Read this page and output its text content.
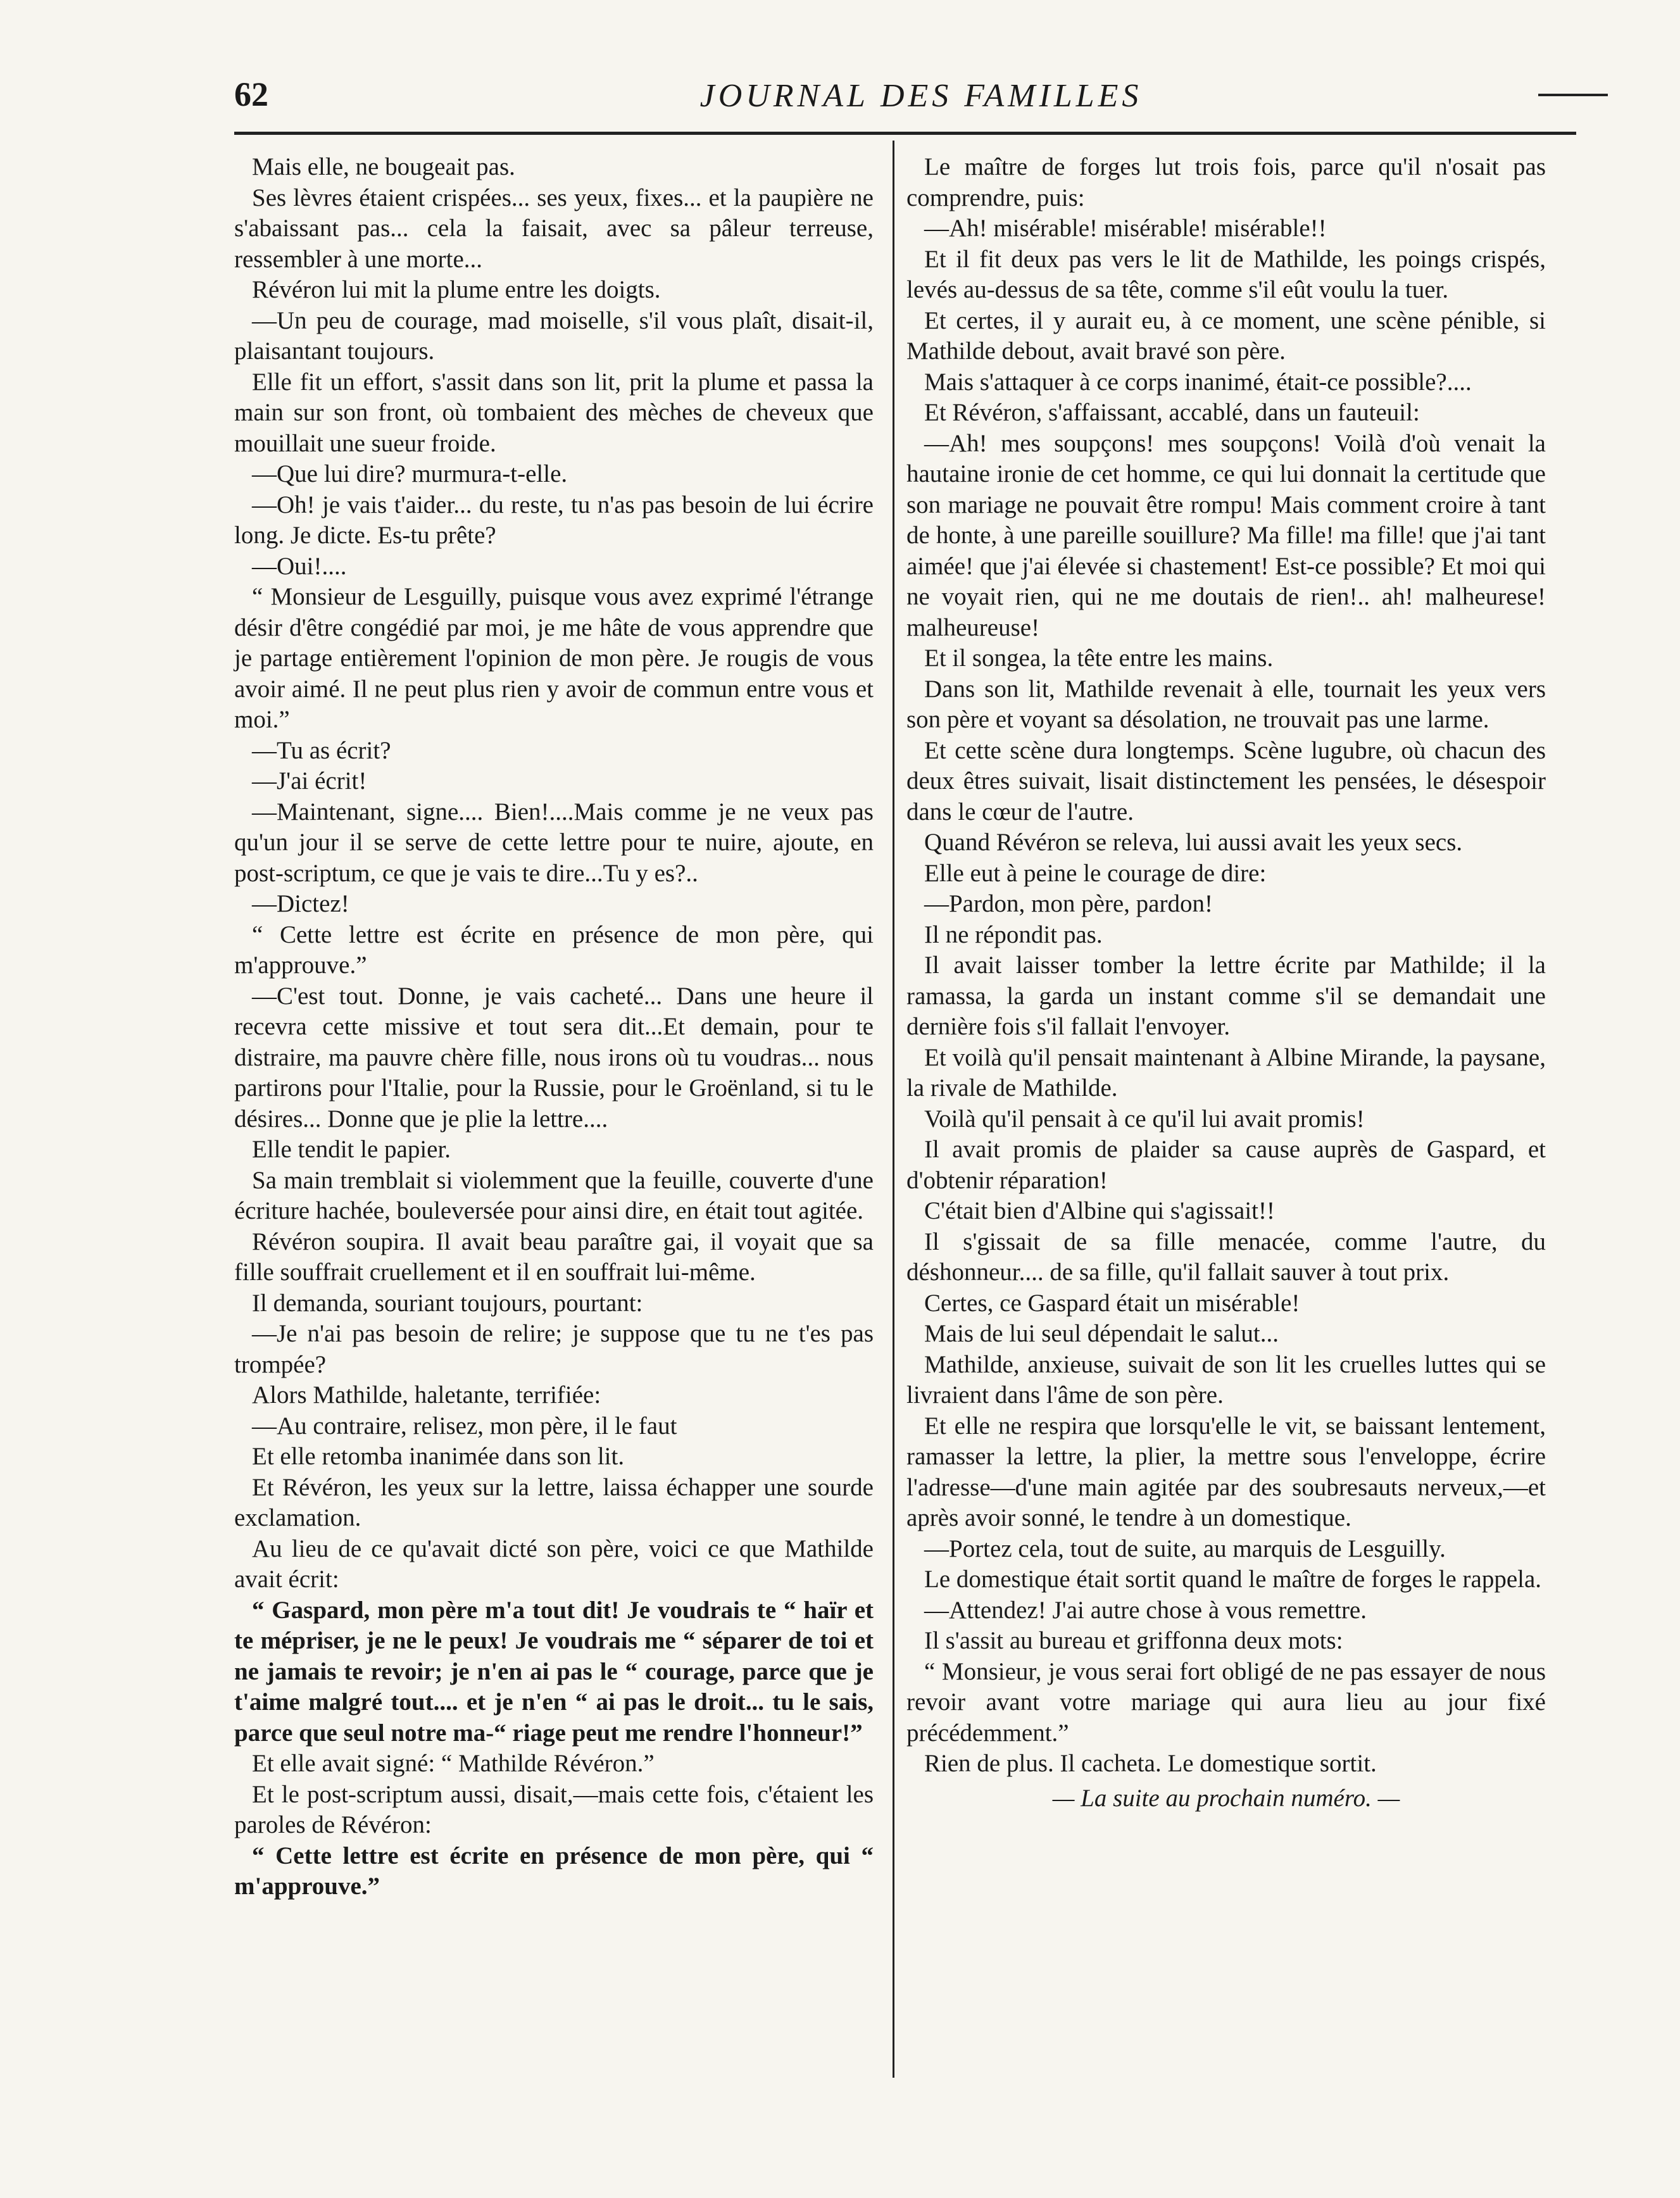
62	JOURNAL DES FAMILLES

Mais elle, ne bougeait pas.

Ses lèvres étaient crispées... ses yeux, fixes... et la paupière ne s'abaissant pas... cela la faisait, avec sa pâleur terreuse, ressembler à une morte...

Révéron lui mit la plume entre les doigts.

—Un peu de courage, mad moiselle, s'il vous plaît, disait-il, plaisantant toujours.

Elle fit un effort, s'assit dans son lit, prit la plume et passa la main sur son front, où tombaient des mèches de cheveux que mouillait une sueur froide.

—Que lui dire? murmura-t-elle.

—Oh! je vais t'aider... du reste, tu n'as pas besoin de lui écrire long. Je dicte. Es-tu prête?

—Oui!....

“ Monsieur de Lesguilly, puisque vous avez exprimé l'étrange désir d'être congédié par moi, je me hâte de vous apprendre que je partage entièrement l'opinion de mon père. Je rougis de vous avoir aimé. Il ne peut plus rien y avoir de commun entre vous et moi.”

—Tu as écrit?

—J'ai écrit!

—Maintenant, signe.... Bien!....Mais comme je ne veux pas qu'un jour il se serve de cette lettre pour te nuire, ajoute, en post-scriptum, ce que je vais te dire...Tu y es?..

—Dictez!

“ Cette lettre est écrite en présence de mon père, qui m'approuve.”

—C'est tout. Donne, je vais cacheté... Dans une heure il recevra cette missive et tout sera dit...Et demain, pour te distraire, ma pauvre chère fille, nous irons où tu voudras... nous partirons pour l'Italie, pour la Russie, pour le Groënland, si tu le désires... Donne que je plie la lettre....

Elle tendit le papier.

Sa main tremblait si violemment que la feuille, couverte d'une écriture hachée, bouleversée pour ainsi dire, en était tout agitée.

Révéron soupira. Il avait beau paraître gai, il voyait que sa fille souffrait cruellement et il en souffrait lui-même.

Il demanda, souriant toujours, pourtant:

—Je n'ai pas besoin de relire; je suppose que tu ne t'es pas trompée?

Alors Mathilde, haletante, terrifiée:

—Au contraire, relisez, mon père, il le faut

Et elle retomba inanimée dans son lit.

Et Révéron, les yeux sur la lettre, laissa échapper une sourde exclamation.

Au lieu de ce qu'avait dicté son père, voici ce que Mathilde avait écrit:

“ Gaspard, mon père m'a tout dit! Je voudrais te “ haïr et te mépriser, je ne le peux! Je voudrais me “ séparer de toi et ne jamais te revoir; je n'en ai pas le “ courage, parce que je t'aime malgré tout.... et je n'en “ ai pas le droit... tu le sais, parce que seul notre ma-“ riage peut me rendre l'honneur!”

Et elle avait signé: “ Mathilde Révéron.”

Et le post-scriptum aussi, disait,—mais cette fois, c'étaient les paroles de Révéron:

“ Cette lettre est écrite en présence de mon père, qui “ m'approuve.”

Le maître de forges lut trois fois, parce qu'il n'osait pas comprendre, puis:

—Ah! misérable! misérable! misérable!!

Et il fit deux pas vers le lit de Mathilde, les poings crispés, levés au-dessus de sa tête, comme s'il eût voulu la tuer.

Et certes, il y aurait eu, à ce moment, une scène pénible, si Mathilde debout, avait bravé son père.

Mais s'attaquer à ce corps inanimé, était-ce possible?....

Et Révéron, s'affaissant, accablé, dans un fauteuil:

—Ah! mes soupçons! mes soupçons! Voilà d'où venait la hautaine ironie de cet homme, ce qui lui donnait la certitude que son mariage ne pouvait être rompu! Mais comment croire à tant de honte, à une pareille souillure? Ma fille! ma fille! que j'ai tant aimée! que j'ai élevée si chastement! Est-ce possible? Et moi qui ne voyait rien, qui ne me doutais de rien!.. ah! malheurese! malheureuse!

Et il songea, la tête entre les mains.

Dans son lit, Mathilde revenait à elle, tournait les yeux vers son père et voyant sa désolation, ne trouvait pas une larme.

Et cette scène dura longtemps. Scène lugubre, où chacun des deux êtres suivait, lisait distinctement les pensées, le désespoir dans le cœur de l'autre.

Quand Révéron se releva, lui aussi avait les yeux secs.

Elle eut à peine le courage de dire:

—Pardon, mon père, pardon!

Il ne répondit pas.

Il avait laisser tomber la lettre écrite par Mathilde; il la ramassa, la garda un instant comme s'il se demandait une dernière fois s'il fallait l'envoyer.

Et voilà qu'il pensait maintenant à Albine Mirande, la paysane, la rivale de Mathilde.

Voilà qu'il pensait à ce qu'il lui avait promis!

Il avait promis de plaider sa cause auprès de Gaspard, et d'obtenir réparation!

C'était bien d'Albine qui s'agissait!!

Il s'gissait de sa fille menacée, comme l'autre, du déshonneur.... de sa fille, qu'il fallait sauver à tout prix.

Certes, ce Gaspard était un misérable!

Mais de lui seul dépendait le salut...

Mathilde, anxieuse, suivait de son lit les cruelles luttes qui se livraient dans l'âme de son père.

Et elle ne respira que lorsqu'elle le vit, se baissant lentement, ramasser la lettre, la plier, la mettre sous l'enveloppe, écrire l'adresse—d'une main agitée par des soubresauts nerveux,—et après avoir sonné, le tendre à un domestique.

—Portez cela, tout de suite, au marquis de Lesguilly.

Le domestique était sortit quand le maître de forges le rappela.

—Attendez! J'ai autre chose à vous remettre.

Il s'assit au bureau et griffonna deux mots:

“ Monsieur, je vous serai fort obligé de ne pas essayer de nous revoir avant votre mariage qui aura lieu au jour fixé précédemment.”

Rien de plus. Il cacheta. Le domestique sortit.

— La suite au prochain numéro. —
